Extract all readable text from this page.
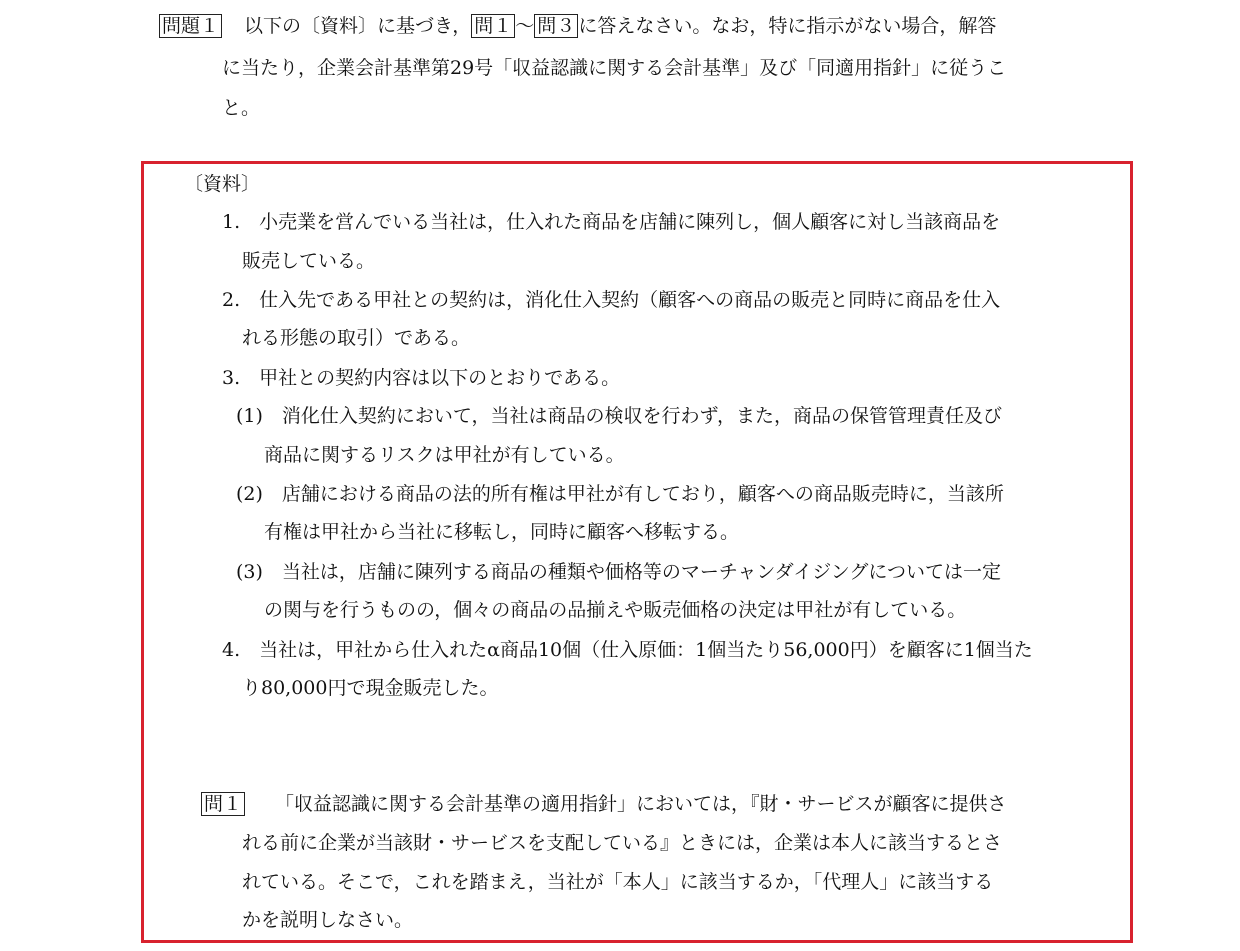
問題１ 以下の〔資料〕に基づき， 問１ ～ 問３ に答えなさい。なお，特に指示がない場合，解答
に当たり，企業会計基準第29号「収益認識に関する会計基準」及び「同適用指針」に従うこ
と。
〔資料〕
1.　小売業を営んでいる当社は，仕入れた商品を店舗に陳列し，個人顧客に対し当該商品を
販売している。
2.　仕入先である甲社との契約は，消化仕入契約（顧客への商品の販売と同時に商品を仕入
れる形態の取引）である。
3.　甲社との契約内容は以下のとおりである。
(1)　消化仕入契約において，当社は商品の検収を行わず，また，商品の保管管理責任及び
商品に関するリスクは甲社が有している。
(2)　店舗における商品の法的所有権は甲社が有しており，顧客への商品販売時に，当該所
有権は甲社から当社に移転し，同時に顧客へ移転する。
(3)　当社は，店舗に陳列する商品の種類や価格等のマーチャンダイジングについては一定
の関与を行うものの，個々の商品の品揃えや販売価格の決定は甲社が有している。
4.　当社は，甲社から仕入れたα商品10個（仕入原価：1個当たり56,000円）を顧客に1個当た
り80,000円で現金販売した。
問１ 「収益認識に関する会計基準の適用指針」においては，『財・サービスが顧客に提供さ
れる前に企業が当該財・サービスを支配している』ときには，企業は本人に該当するとさ
れている。そこで，これを踏まえ，当社が「本人」に該当するか，「代理人」に該当する
かを説明しなさい。
